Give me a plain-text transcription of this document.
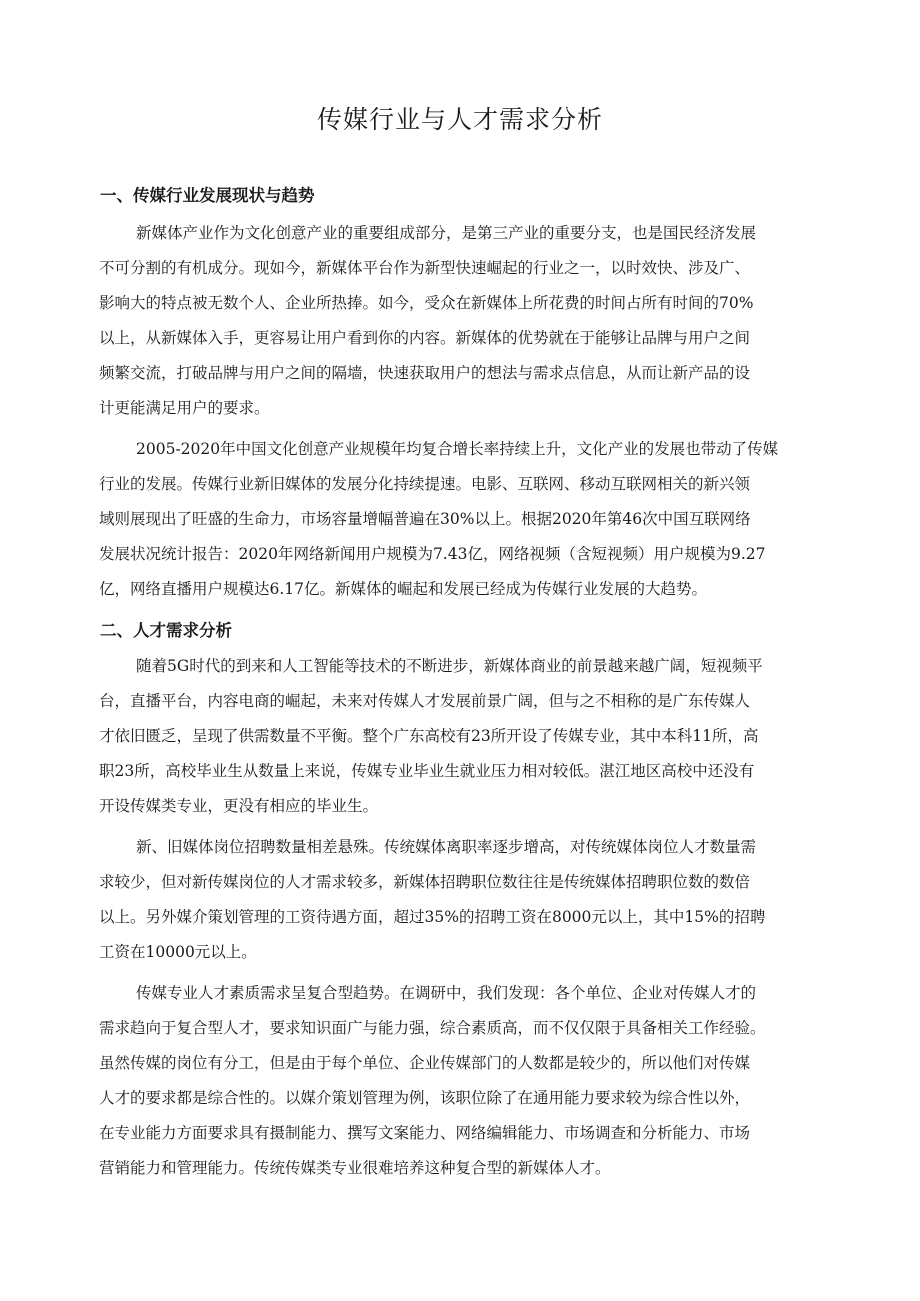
传媒行业与人才需求分析
一、传媒行业发展现状与趋势
新媒体产业作为文化创意产业的重要组成部分，是第三产业的重要分支，也是国民经济发展
不可分割的有机成分。现如今，新媒体平台作为新型快速崛起的行业之一，以时效快、涉及广、
影响大的特点被无数个人、企业所热捧。如今，受众在新媒体上所花费的时间占所有时间的70%
以上，从新媒体入手，更容易让用户看到你的内容。新媒体的优势就在于能够让品牌与用户之间
频繁交流，打破品牌与用户之间的隔墙，快速获取用户的想法与需求点信息，从而让新产品的设
计更能满足用户的要求。
2005-2020年中国文化创意产业规模年均复合增长率持续上升，文化产业的发展也带动了传媒
行业的发展。传媒行业新旧媒体的发展分化持续提速。电影、互联网、移动互联网相关的新兴领
域则展现出了旺盛的生命力，市场容量增幅普遍在30%以上。根据2020年第46次中国互联网络
发展状况统计报告：2020年网络新闻用户规模为7.43亿，网络视频（含短视频）用户规模为9.27
亿，网络直播用户规模达6.17亿。新媒体的崛起和发展已经成为传媒行业发展的大趋势。
二、人才需求分析
随着5G时代的到来和人工智能等技术的不断进步，新媒体商业的前景越来越广阔，短视频平
台，直播平台，内容电商的崛起，未来对传媒人才发展前景广阔，但与之不相称的是广东传媒人
才依旧匮乏，呈现了供需数量不平衡。整个广东高校有23所开设了传媒专业，其中本科11所，高
职23所，高校毕业生从数量上来说，传媒专业毕业生就业压力相对较低。湛江地区高校中还没有
开设传媒类专业，更没有相应的毕业生。
新、旧媒体岗位招聘数量相差悬殊。传统媒体离职率逐步增高，对传统媒体岗位人才数量需
求较少，但对新传媒岗位的人才需求较多，新媒体招聘职位数往往是传统媒体招聘职位数的数倍
以上。另外媒介策划管理的工资待遇方面，超过35%的招聘工资在8000元以上，其中15%的招聘
工资在10000元以上。
传媒专业人才素质需求呈复合型趋势。在调研中，我们发现：各个单位、企业对传媒人才的
需求趋向于复合型人才，要求知识面广与能力强，综合素质高，而不仅仅限于具备相关工作经验。
虽然传媒的岗位有分工，但是由于每个单位、企业传媒部门的人数都是较少的，所以他们对传媒
人才的要求都是综合性的。以媒介策划管理为例，该职位除了在通用能力要求较为综合性以外，
在专业能力方面要求具有摄制能力、撰写文案能力、网络编辑能力、市场调查和分析能力、市场
营销能力和管理能力。传统传媒类专业很难培养这种复合型的新媒体人才。
